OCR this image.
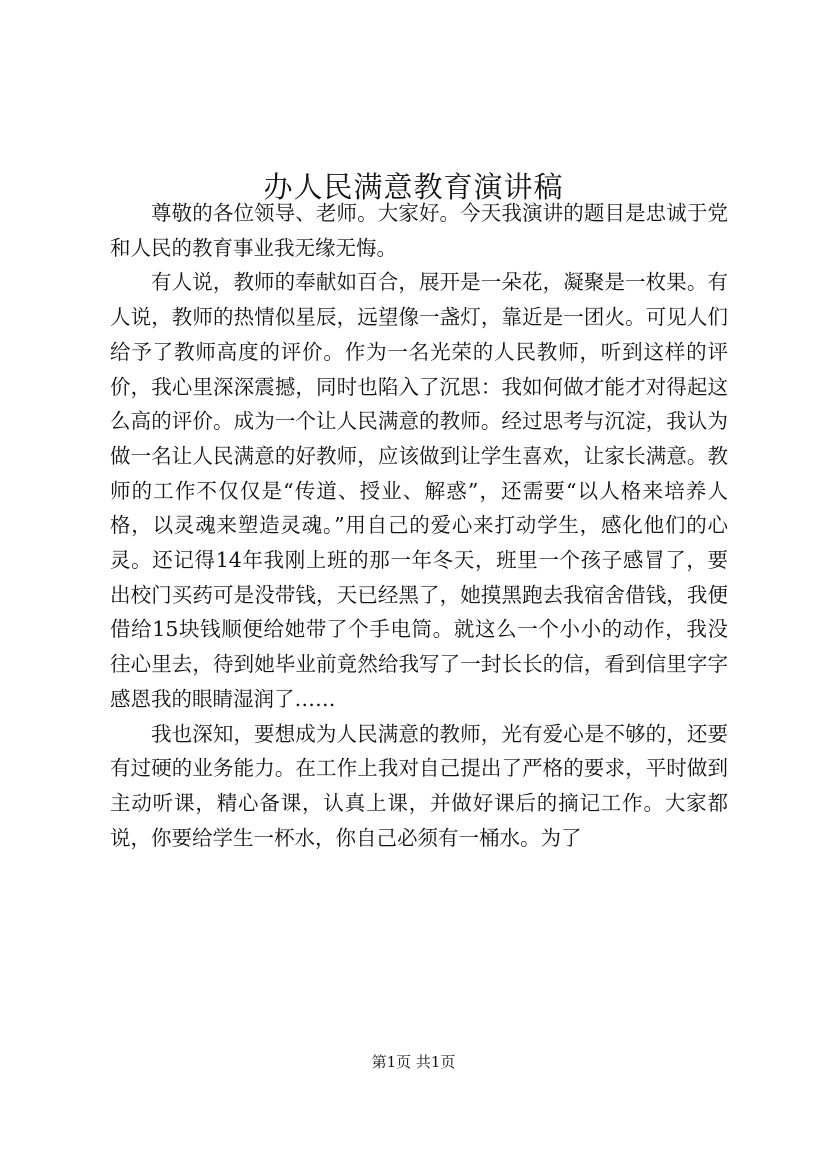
办人民满意教育演讲稿

尊敬的各位领导、老师。大家好。今天我演讲的题目是忠诚于党和人民的教育事业我无缘无悔。

有人说，教师的奉献如百合，展开是一朵花，凝聚是一枚果。有人说，教师的热情似星辰，远望像一盏灯，靠近是一团火。可见人们给予了教师高度的评价。作为一名光荣的人民教师，听到这样的评价，我心里深深震撼，同时也陷入了沉思：我如何做才能才对得起这么高的评价。成为一个让人民满意的教师。经过思考与沉淀，我认为做一名让人民满意的好教师，应该做到让学生喜欢，让家长满意。教师的工作不仅仅是“传道、授业、解惑”，还需要“以人格来培养人格，以灵魂来塑造灵魂。”用自己的爱心来打动学生，感化他们的心灵。还记得14年我刚上班的那一年冬天，班里一个孩子感冒了，要出校门买药可是没带钱，天已经黑了，她摸黑跑去我宿舍借钱，我便借给15块钱顺便给她带了个手电筒。就这么一个小小的动作，我没往心里去，待到她毕业前竟然给我写了一封长长的信，看到信里字字感恩我的眼睛湿润了……

我也深知，要想成为人民满意的教师，光有爱心是不够的，还要有过硬的业务能力。在工作上我对自己提出了严格的要求，平时做到主动听课，精心备课，认真上课，并做好课后的摘记工作。大家都说，你要给学生一杯水，你自己必须有一桶水。为了

第1页 共1页
